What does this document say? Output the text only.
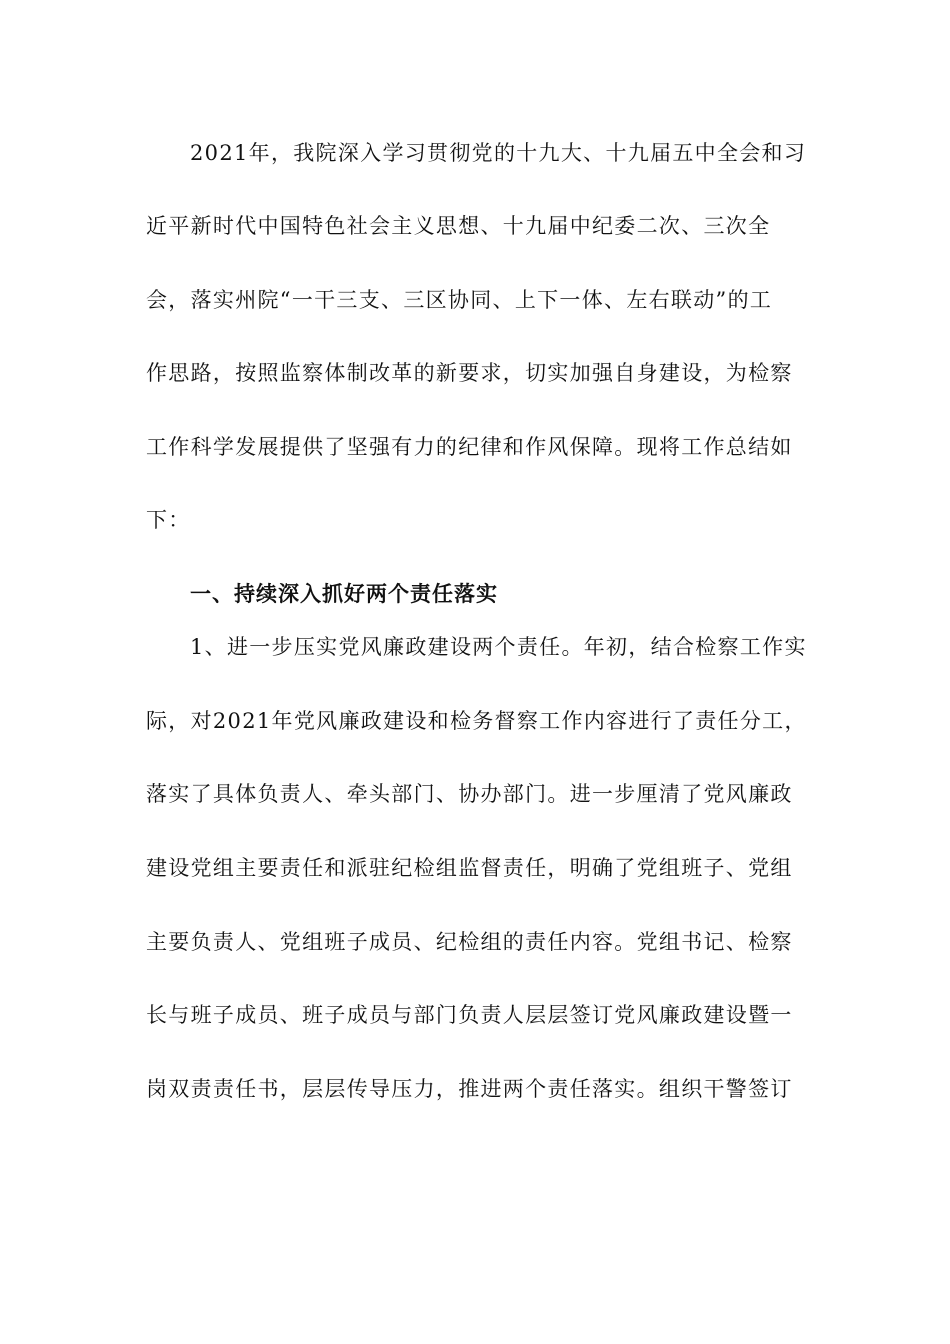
2021年，我院深入学习贯彻党的十九大、十九届五中全会和习
近平新时代中国特色社会主义思想、十九届中纪委二次、三次全
会，落实州院“一干三支、三区协同、上下一体、左右联动”的工
作思路，按照监察体制改革的新要求，切实加强自身建设，为检察
工作科学发展提供了坚强有力的纪律和作风保障。现将工作总结如
下：
一、持续深入抓好两个责任落实
1、进一步压实党风廉政建设两个责任。年初，结合检察工作实
际，对2021年党风廉政建设和检务督察工作内容进行了责任分工，
落实了具体负责人、牵头部门、协办部门。进一步厘清了党风廉政
建设党组主要责任和派驻纪检组监督责任，明确了党组班子、党组
主要负责人、党组班子成员、纪检组的责任内容。党组书记、检察
长与班子成员、班子成员与部门负责人层层签订党风廉政建设暨一
岗双责责任书，层层传导压力，推进两个责任落实。组织干警签订
